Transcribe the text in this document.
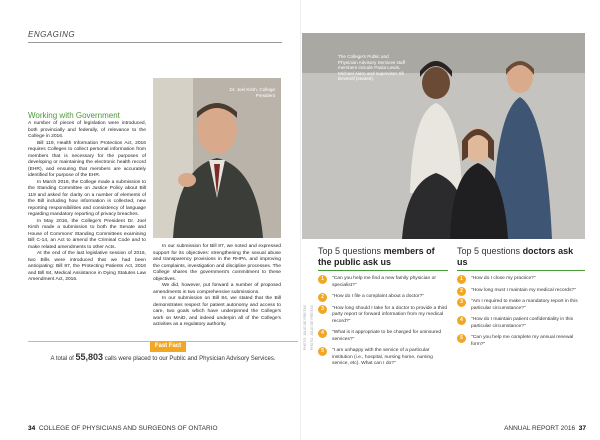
ENGAGING
Dr. Joel Kirsh, College President
Working with Government

A number of pieces of legislation were introduced, both provincially and federally, of relevance to the College in 2016.

Bill 119, Health Information Protection Act, 2016 requires Colleges to collect personal information from members that is necessary for the purposes of developing or maintaining the electronic health record (EHR), and ensuring that members are accurately identified for purpose of the EHR.

In March 2016, the College made a submission to the Standing Committee on Justice Policy about Bill 119 and asked for clarity on a number of elements of the Bill including how information is collected, new reporting responsibilities and consistency of language regarding mandatory reporting of privacy breaches.

In May 2016, the College's President Dr. Joel Kirsh made a submission to both the Senate and House of Commons' Standing Committees examining Bill C-14, an Act to amend the Criminal Code and to make related amendments to other Acts.

At the end of the last legislative session of 2016, two Bills were introduced that we had been anticipating: Bill 87, the Protecting Patients Act, 2016 and Bill 84, Medical Assistance in Dying Statutes Law Amendment Act, 2016.

In our submission for Bill 87, we noted and expressed support for its objectives: strengthening the sexual abuse and transparency provisions in the RHPA, and improving the complaints, investigation and discipline processes. The College shares the government's commitment to these objectives.

We did, however, put forward a number of proposed amendments in two comprehensive submissions.

In our submission on Bill 84, we stated that the Bill demonstrates respect for patient autonomy and access to care, two goals which have underpinned the College's work on MAiD, and indeed underpin all of the College's activities as a regulatory authority.

Fast Fact
A total of 55,803 calls were placed to our Public and Physician Advisory Services.
34 COLLEGE OF PHYSICIANS AND SURGEONS OF ONTARIO
The College's Public and Physician Advisory Services staff members include Paula Lewis, Michael Aiaro and supervisor Jill Beverell (seated).
PHOTO: JULIE DE FREITAS PHOTO: JULIE DE FREITAS
Top 5 questions members of the public ask us
1	"Can you help me find a new family physician or specialist?"
2	"How do I file a complaint about a doctor?"
3	"How long should I take for a doctor to provide a third party report or forward information from my medical record?"
4	"What is it appropriate to be charged for uninsured services?"
5	"I am unhappy with the service of a particular institution (i.e., hospital, nursing home, nursing service, etc). What can I do?"
Top 5 questions doctors ask us
1	"How do I close my practice?"
2	"How long must I maintain my medical records?"
3	"Am I required to make a mandatory report in this particular circumstance?"
4	"How do I maintain patient confidentiality in this particular circumstance?"
5	"Can you help me complete my annual renewal form?"
ANNUAL REPORT 2016 37
